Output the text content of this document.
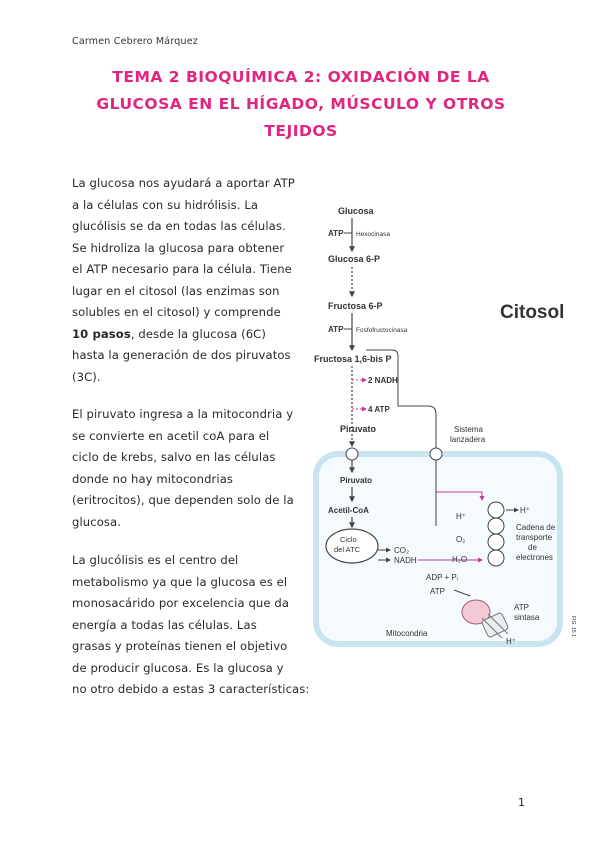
Carmen Cebrero Márquez
TEMA 2 BIOQUÍMICA 2: OXIDACIÓN DE LA
GLUCOSA EN EL HÍGADO, MÚSCULO Y OTROS
TEJIDOS

La glucosa nos ayudará a aportar ATP

a la células con su hidrólisis. La

glucólisis se da en todas las células.

Se hidroliza la glucosa para obtener

el ATP necesario para la célula. Tiene

lugar en el citosol (las enzimas son

solubles en el citosol) y comprende

10 pasos, desde la glucosa (6C)

hasta la generación de dos piruvatos

(3C).

El piruvato ingresa a la mitocondria y

se convierte en acetil coA para el

ciclo de krebs, salvo en las células

donde no hay mitocondrias

(eritrocitos), que dependen solo de la

glucosa.

La glucólisis es el centro del

metabolismo ya que la glucosa es el

monosacárido por excelencia que da

energía a todas las células. Las

grasas y proteínas tienen el objetivo

de producir glucosa. Es la glucosa y

no otro debido a estas 3 características:

Citosol
Glucosa
ATP Hexocinasa
Glucosa 6-P
Fructosa 6-P
ATP Fosfofructocinasa
Fructosa 1,6-bis P
2 NADH
4 ATP
Piruvato	Sistema
lanzadera
Piruvato
Acetil-CoA
Ciclo
del ATC	CO₂
NADH
H⁺
H⁺
O₂
H₂O
Cadena de
transporte
de
electrones
ADP + Pᵢ
ATP
ATP
sintasa
H⁺
Mitocondria	FIG. 15.1
1
